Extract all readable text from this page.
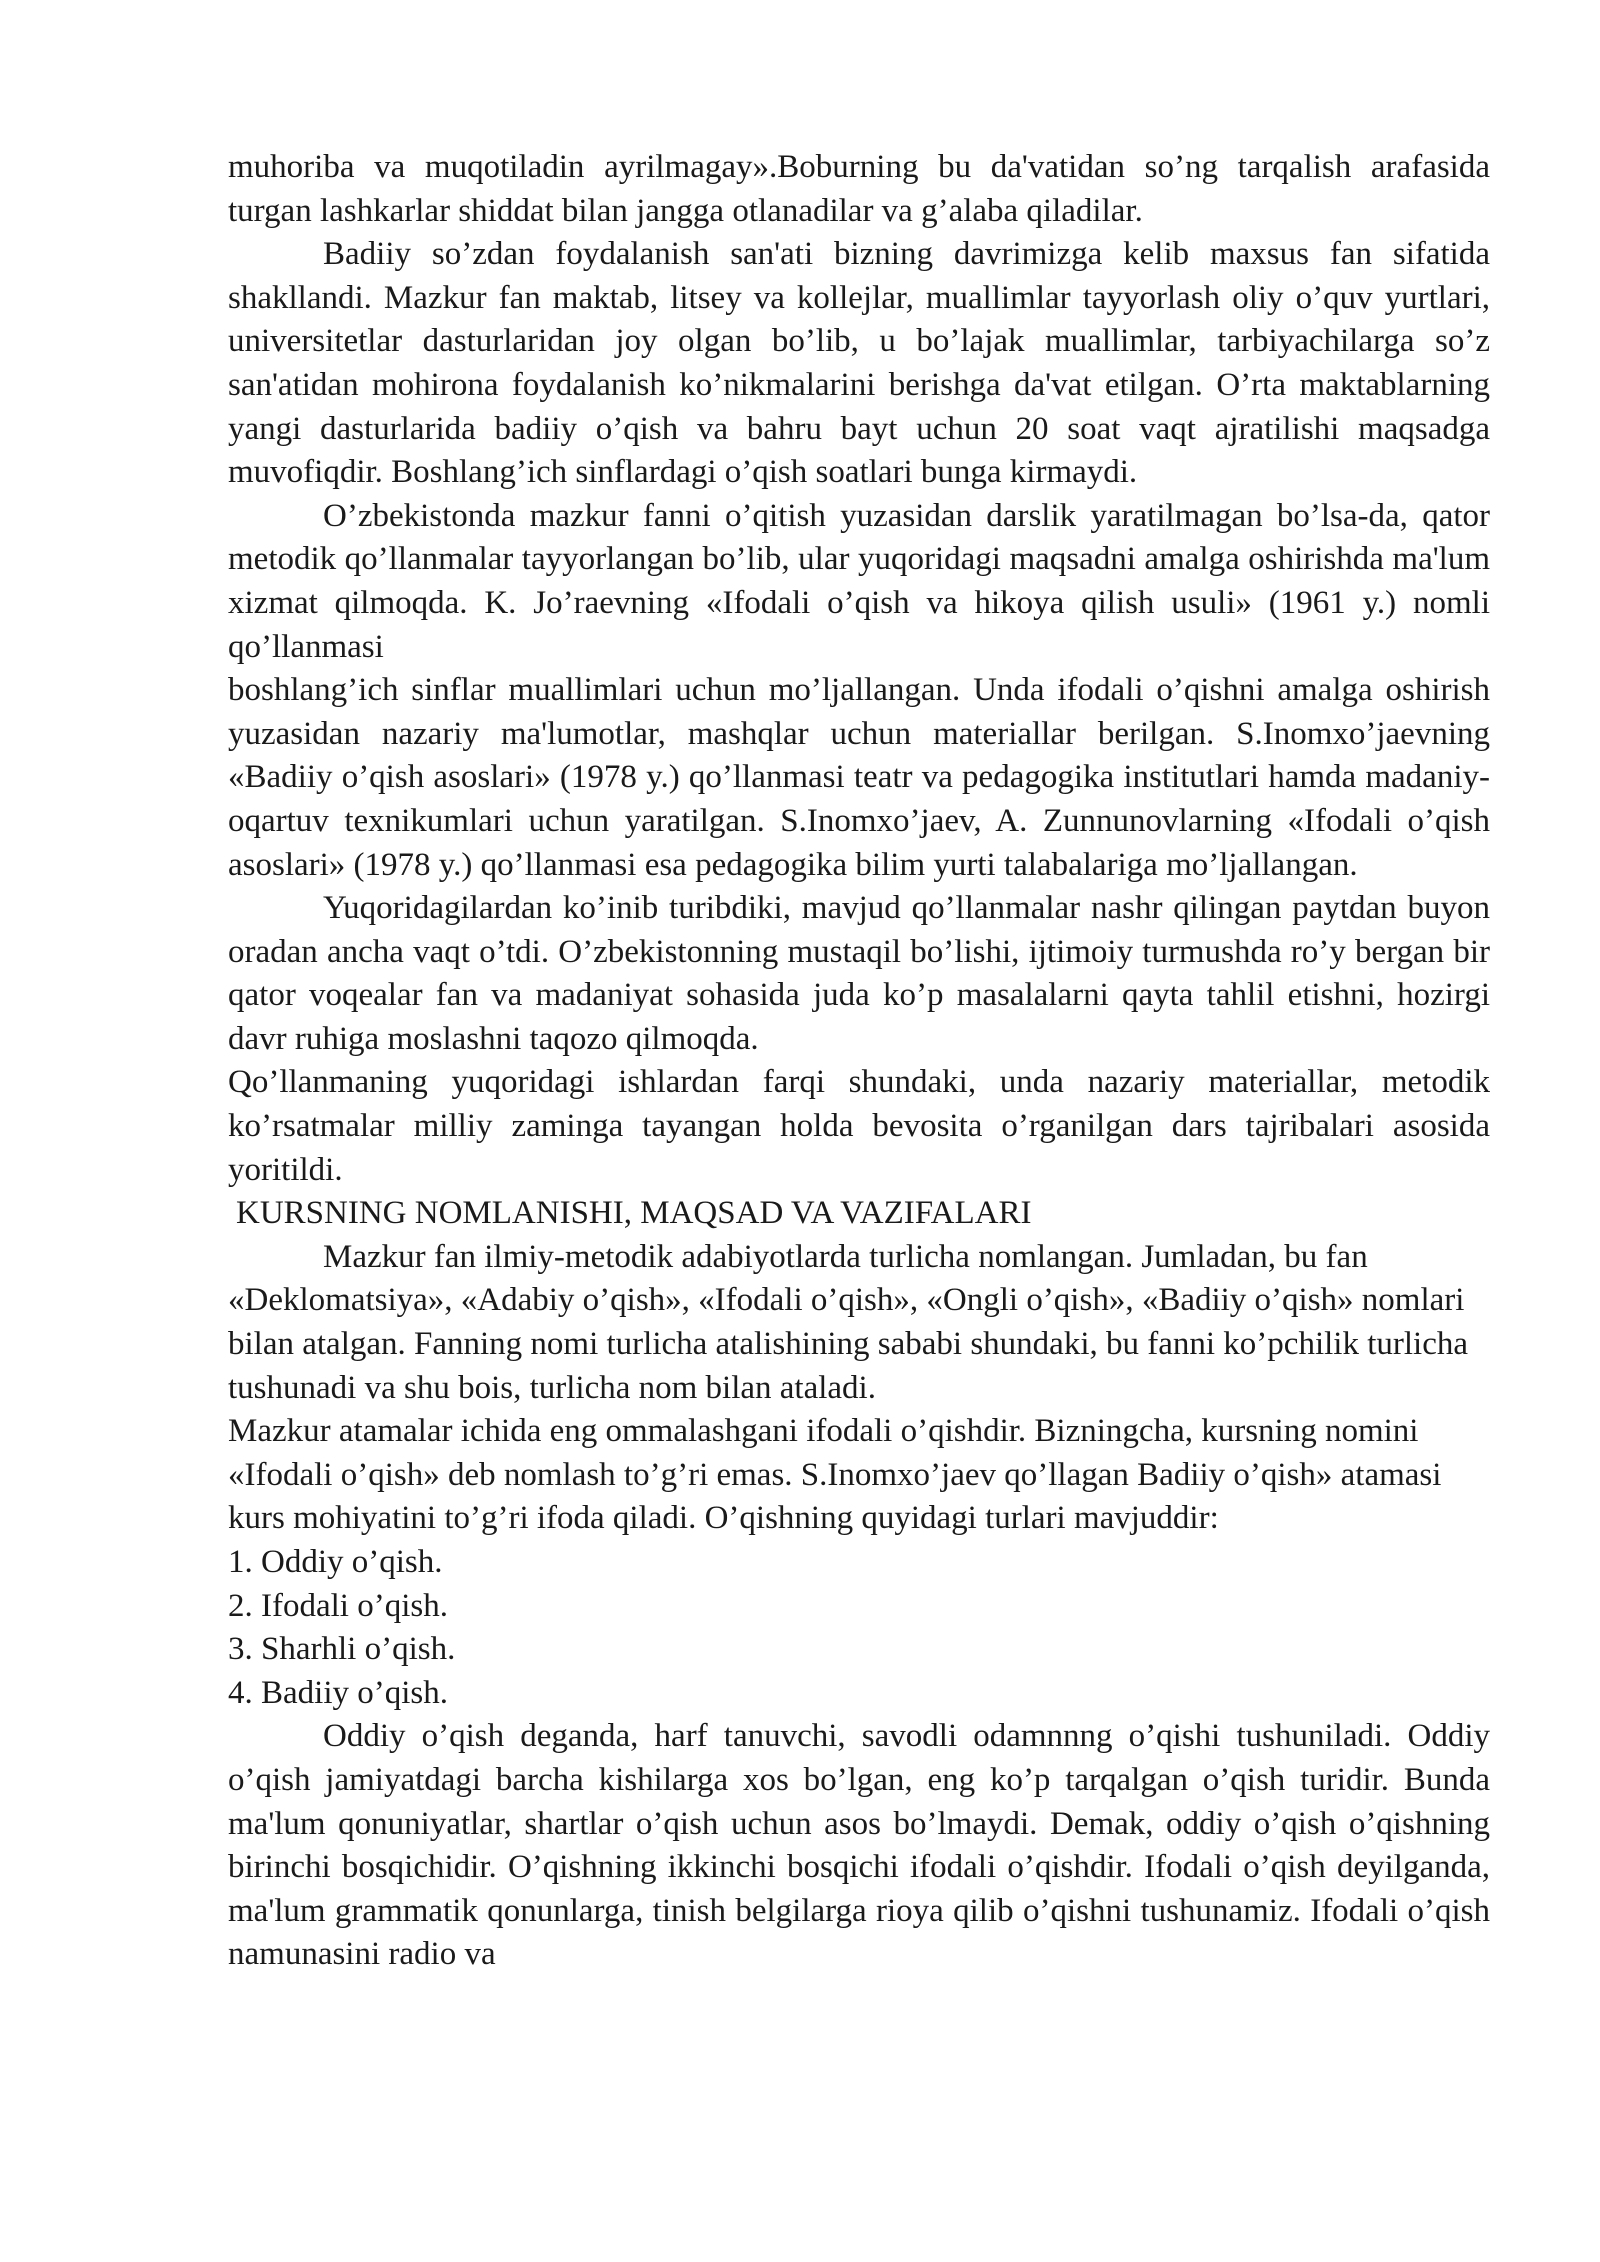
muhoriba va muqotiladin ayrilmagay».Boburning bu da'vatidan so’ng tarqalish arafasida turgan lashkarlar shiddat bilan jangga otlanadilar va g’alaba qiladilar.

Badiiy so’zdan foydalanish san'ati bizning davrimizga kelib maxsus fan sifatida shakllandi. Mazkur fan maktab, litsey va kollejlar, muallimlar tayyorlash oliy o’quv yurtlari, universitetlar dasturlaridan joy olgan bo’lib, u bo’lajak muallimlar, tarbiyachilarga so’z san'atidan mohirona foydalanish ko’nikmalarini berishga da'vat etilgan. O’rta maktablarning yangi dasturlarida badiiy o’qish va bahru bayt uchun 20 soat vaqt ajratilishi maqsadga muvofiqdir. Boshlang’ich sinflardagi o’qish soatlari bunga kirmaydi.

O’zbekistonda mazkur fanni o’qitish yuzasidan darslik yaratilmagan bo’lsa-da, qator metodik qo’llanmalar tayyorlangan bo’lib, ular yuqoridagi maqsadni amalga oshirishda ma'lum xizmat qilmoqda. K. Jo’raevning «Ifodali o’qish va hikoya qilish usuli» (1961 y.) nomli qo’llanmasi

boshlang’ich sinflar muallimlari uchun mo’ljallangan. Unda ifodali o’qishni amalga oshirish yuzasidan nazariy ma'lumotlar, mashqlar uchun materiallar berilgan. S.Inomxo’jaevning «Badiiy o’qish asoslari» (1978 y.) qo’llanmasi teatr va pedagogika institutlari hamda madaniy-oqartuv texnikumlari uchun yaratilgan. S.Inomxo’jaev, A. Zunnunovlarning «Ifodali o’qish asoslari» (1978 y.) qo’llanmasi esa pedagogika bilim yurti talabalariga mo’ljallangan.

Yuqoridagilardan ko’inib turibdiki, mavjud qo’llanmalar nashr qilingan paytdan buyon oradan ancha vaqt o’tdi. O’zbekistonning mustaqil bo’lishi, ijtimoiy turmushda ro’y bergan bir qator voqealar fan va madaniyat sohasida juda ko’p masalalarni qayta tahlil etishni, hozirgi davr ruhiga moslashni taqozo qilmoqda.

Qo’llanmaning yuqoridagi ishlardan farqi shundaki, unda nazariy materiallar, metodik ko’rsatmalar milliy zaminga tayangan holda bevosita o’rganilgan dars tajribalari asosida yoritildi.

KURSNING NOMLANISHI, MAQSAD VA VAZIFALARI

Mazkur fan ilmiy-metodik adabiyotlarda turlicha nomlangan. Jumladan, bu fan «Deklomatsiya», «Adabiy o’qish», «Ifodali o’qish», «Ongli o’qish», «Badiiy o’qish» nomlari bilan atalgan. Fanning nomi turlicha atalishining sababi shundaki, bu fanni ko’pchilik turlicha tushunadi va shu bois, turlicha nom bilan ataladi.

Mazkur atamalar ichida eng ommalashgani ifodali o’qishdir. Bizningcha, kursning nomini «Ifodali o’qish» deb nomlash to’g’ri emas. S.Inomxo’jaev qo’llagan Badiiy o’qish» atamasi kurs mohiyatini to’g’ri ifoda qiladi. O’qishning quyidagi turlari mavjuddir:

1. Oddiy o’qish.

2. Ifodali o’qish.

3. Sharhli o’qish.

4. Badiiy o’qish.

Oddiy o’qish deganda, harf tanuvchi, savodli odamnnng o’qishi tushuniladi. Oddiy o’qish jamiyatdagi barcha kishilarga xos bo’lgan, eng ko’p tarqalgan o’qish turidir. Bunda ma'lum qonuniyatlar, shartlar o’qish uchun asos bo’lmaydi. Demak, oddiy o’qish o’qishning birinchi bosqichidir. O’qishning ikkinchi bosqichi ifodali o’qishdir. Ifodali o’qish deyilganda, ma'lum grammatik qonunlarga, tinish belgilarga rioya qilib o’qishni tushunamiz. Ifodali o’qish namunasini radio va
